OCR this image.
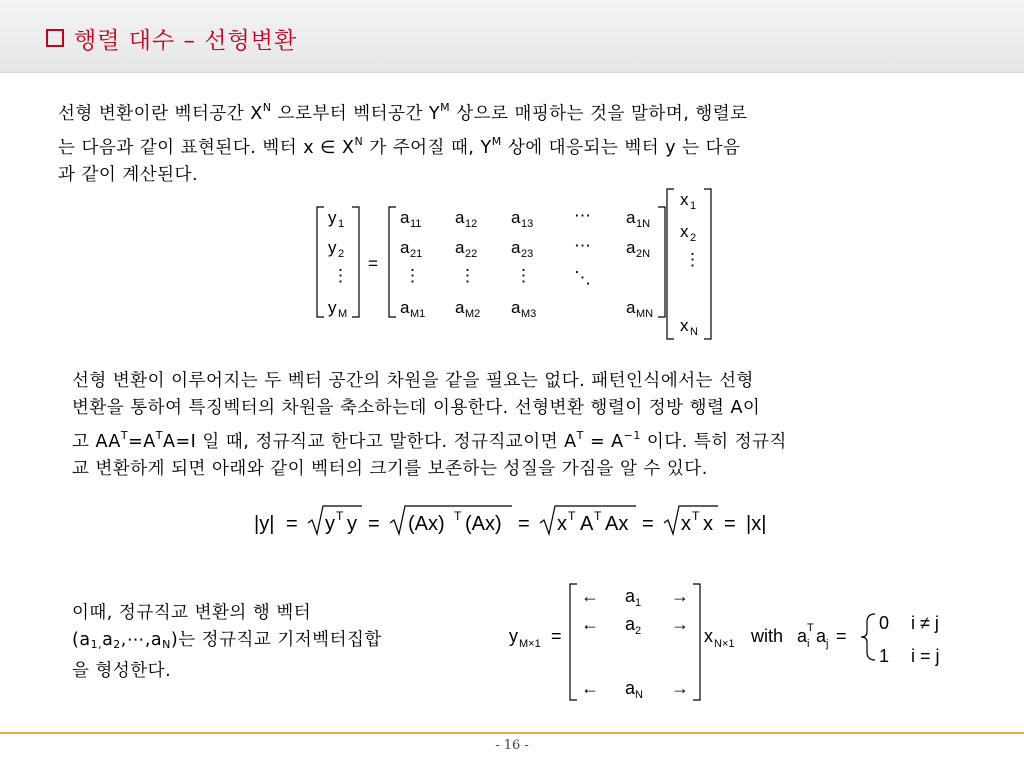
행렬 대수 – 선형변환
선형 변환이란 벡터공간 $X^N$ 으로부터 벡터공간 $Y^M$ 상으로 매핑하는 것을 말하며, 행렬로
는 다음과 같이 표현된다. 벡터 x ∈ $X^N$ 가 주어질 때, $Y^M$ 상에 대응되는 벡터 y 는 다음
과 같이 계산된다.
y 1
y 2
⋮
y M
=
a 11 a 12 a 13 ⋯ a 1N
a 21 a 22 a 23 ⋯ a 2N
⋮ ⋮ ⋮ ⋱
a M1 a M2 a M3	a MN
x 1
x 2
⋮
x N
선형 변환이 이루어지는 두 벡터 공간의 차원을 같을 필요는 없다. 패턴인식에서는 선형
변환을 통하여 특징벡터의 차원을 축소하는데 이용한다. 선형변환 행렬이 정방 행렬 A이
고 $AA^T=A^TA=I$ 일 때, 정규직교 한다고 말한다. 정규직교이면 $A^T = A^{-1}$ 이다. 특히 정규직
교 변환하게 되면 아래와 같이 벡터의 크기를 보존하는 성질을 가짐을 알 수 있다.
|y| = y T y = (Ax) T (Ax) = x T A T Ax = x T x = |x|
이때, 정규직교 변환의 행 벡터
$(a_{1,}a_2,\cdots,a_N)$는 정규직교 기저벡터집합
을 형성한다.
y M×1 =
← a 1 →
← a 2 →
← a N →
x N×1 with a i
T a j =
0 i ≠ j
1 i = j
- 16 -
